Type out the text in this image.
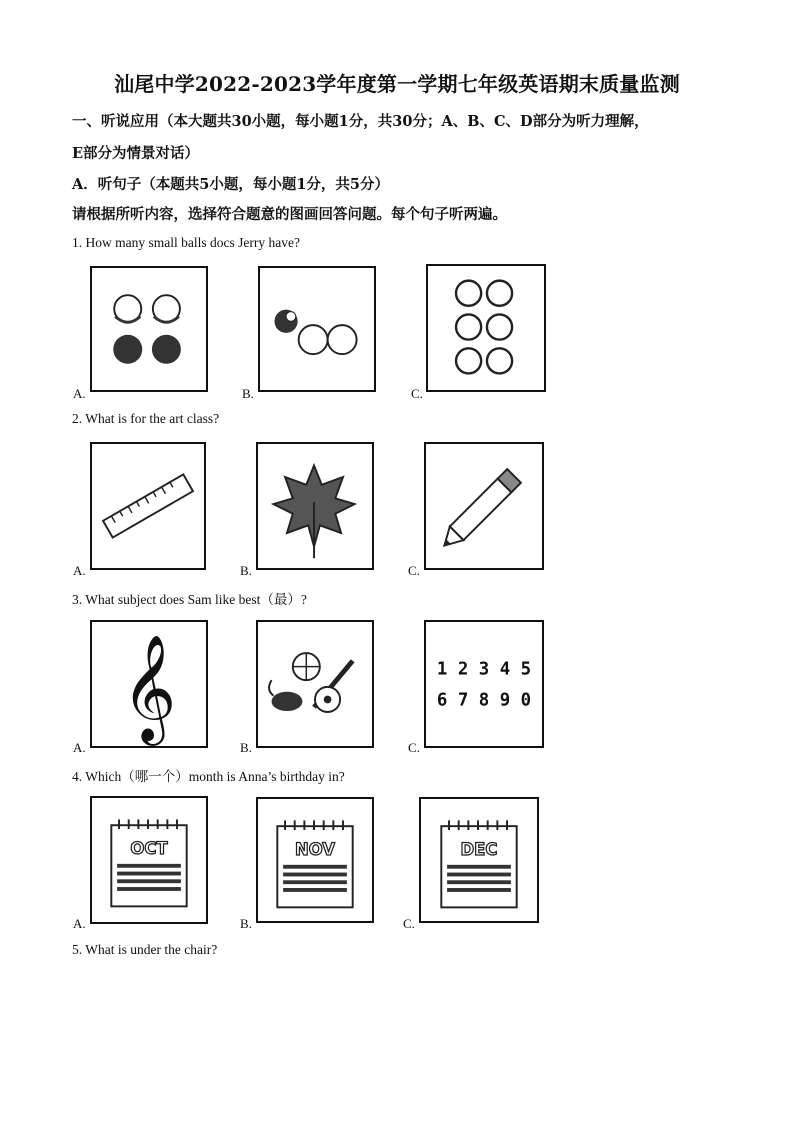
汕尾中学2022-2023学年度第一学期七年级英语期末质量监测
一、听说应用（本大题共30小题，每小题1分，共30分；A、B、C、D部分为听力理解，
E部分为情景对话）
A．听句子（本题共5小题，每小题1分，共5分）
请根据所听内容，选择符合题意的图画回答问题。每个句子听两遍。
1. How many small balls docs Jerry have?
A.	B.	C.
2. What is for the art class?
A.	B.	C.
3. What subject does Sam like best（最）?
𝄞
A.	B.
1 2 3 4 5
6 7 8 9 0
C.
4. Which（哪一个）month is Anna’s birthday in?
OCT
A.
NOV
B.
DEC
C.
5. What is under the chair?
